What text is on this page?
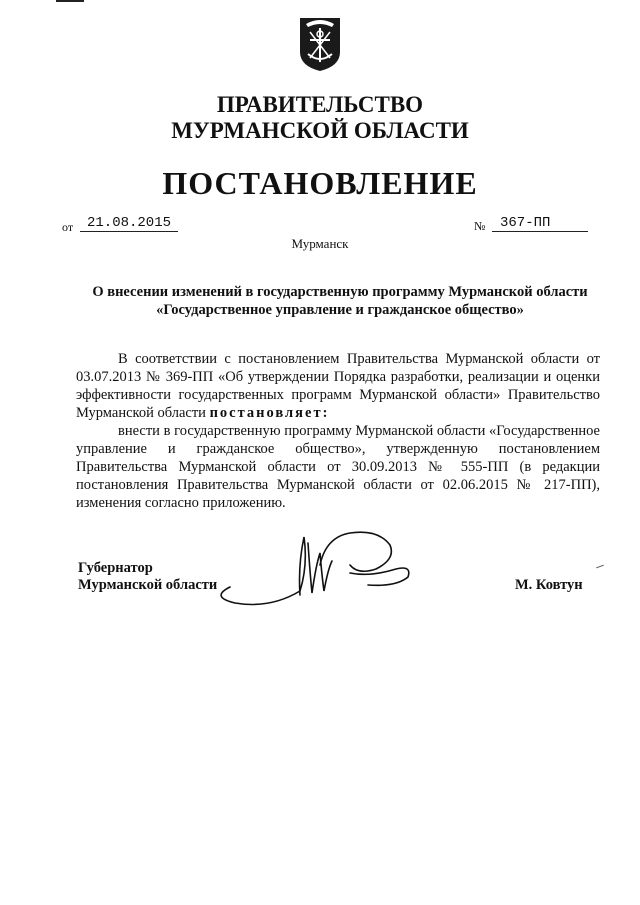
ПРАВИТЕЛЬСТВО
МУРМАНСКОЙ ОБЛАСТИ
ПОСТАНОВЛЕНИЕ
от 21.08.2015	№	367-ПП
Мурманск
О внесении изменений в государственную программу Мурманской области
«Государственное управление и гражданское общество»
В соответствии с постановлением Правительства Мурманской области от 03.07.2013 № 369-ПП «Об утверждении Порядка разработки, реализации и оценки эффективности государственных программ Мурманской области» Правительство Мурманской области постановляет:
внести в государственную программу Мурманской области «Государственное управление и гражданское общество», утвержденную постановлением Правительства Мурманской области от 30.09.2013 № 555-ПП (в редакции постановления Правительства Мурманской области от 02.06.2015 № 217-ПП), изменения согласно приложению.
Губернатор
Мурманской области	М. Ковтун
